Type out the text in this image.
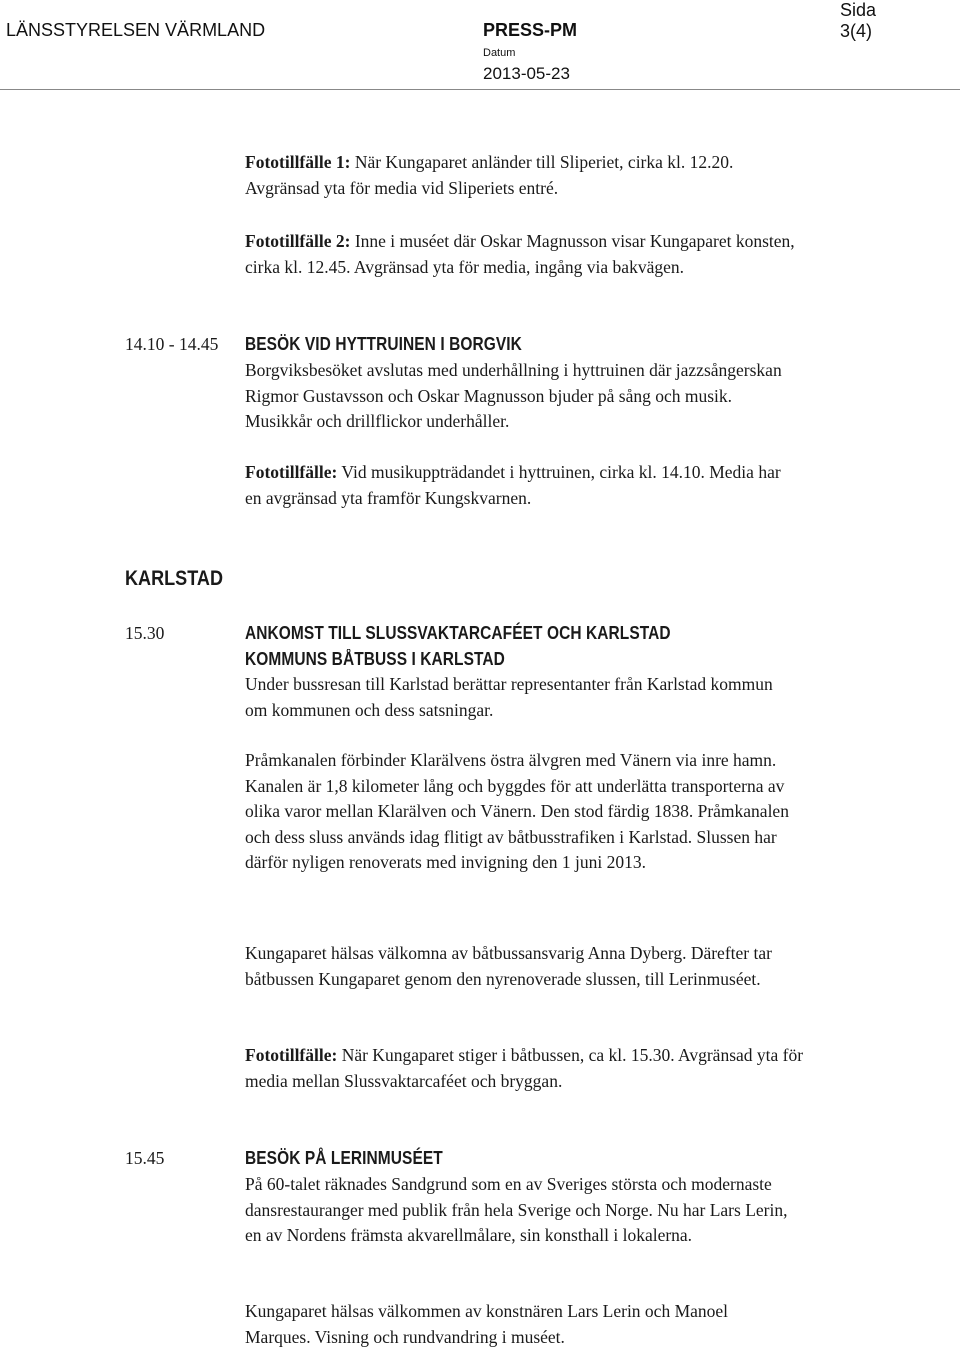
LÄNSSTYRELSEN VÄRMLAND	PRESS-PM
Datum
2013-05-23
Sida
3(4)

Fototillfälle 1: När Kungaparet anländer till Sliperiet, cirka kl. 12.20. Avgränsad yta för media vid Sliperiets entré.

Fototillfälle 2: Inne i muséet där Oskar Magnusson visar Kungaparet konsten, cirka kl. 12.45. Avgränsad yta för media, ingång via bakvägen.

14.10 - 14.45 BESÖK VID HYTTRUINEN I BORGVIK

Borgviksbesöket avslutas med underhållning i hyttruinen där jazzsångerskan Rigmor Gustavsson och Oskar Magnusson bjuder på sång och musik. Musikkår och drillflickor underhåller.

Fototillfälle: Vid musikuppträdandet i hyttruinen, cirka kl. 14.10. Media har en avgränsad yta framför Kungskvarnen.

KARLSTAD
15.30	ANKOMST TILL SLUSSVAKTARCAFÉET OCH KARLSTAD
KOMMUNS BÅTBUSS I KARLSTAD

Under bussresan till Karlstad berättar representanter från Karlstad kommun om kommunen och dess satsningar.

Pråmkanalen förbinder Klarälvens östra älvgren med Vänern via inre hamn. Kanalen är 1,8 kilometer lång och byggdes för att underlätta transporterna av olika varor mellan Klarälven och Vänern. Den stod färdig 1838. Pråmkanalen och dess sluss används idag flitigt av båtbusstrafiken i Karlstad. Slussen har därför nyligen renoverats med invigning den 1 juni 2013.

Kungaparet hälsas välkomna av båtbussansvarig Anna Dyberg. Därefter tar båtbussen Kungaparet genom den nyrenoverade slussen, till Lerinmuséet.

Fototillfälle: När Kungaparet stiger i båtbussen, ca kl. 15.30. Avgränsad yta för media mellan Slussvaktarcaféet och bryggan.

15.45	BESÖK PÅ LERINMUSÉET

På 60-talet räknades Sandgrund som en av Sveriges största och modernaste dansrestauranger med publik från hela Sverige och Norge. Nu har Lars Lerin, en av Nordens främsta akvarellmålare, sin konsthall i lokalerna.

Kungaparet hälsas välkommen av konstnären Lars Lerin och Manoel Marques. Visning och rundvandring i muséet.
